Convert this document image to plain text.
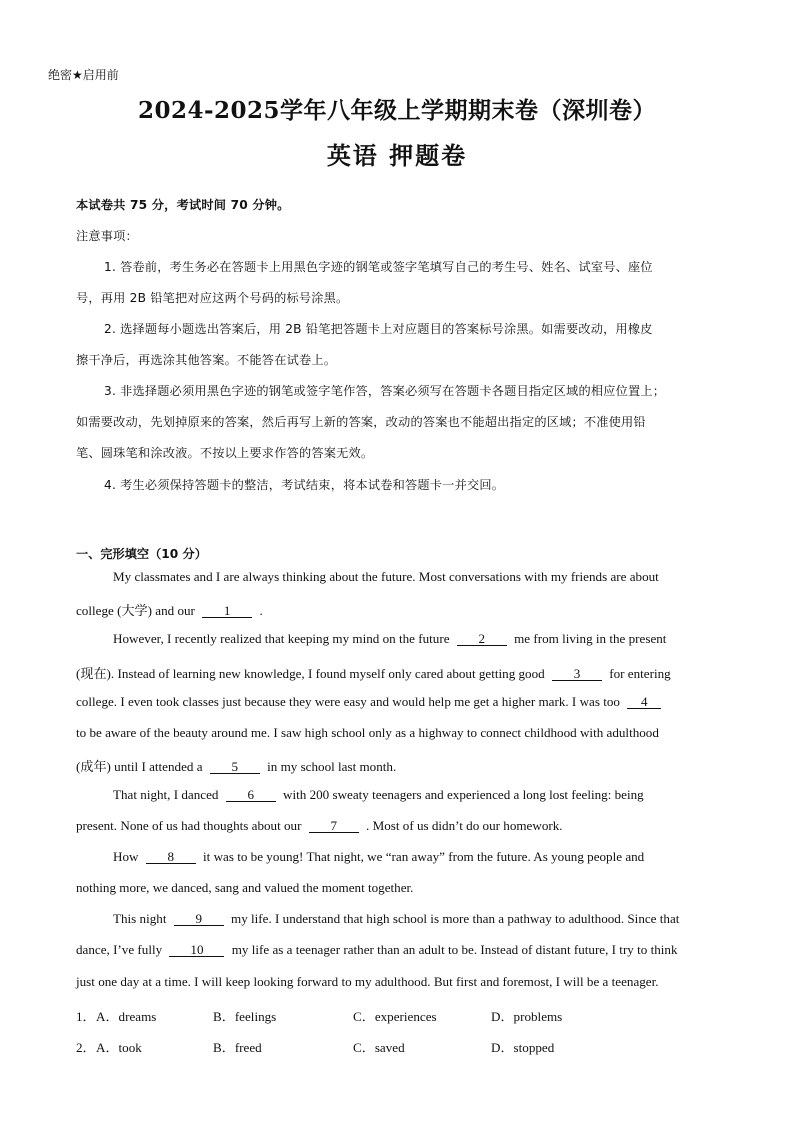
绝密★启用前
2024-2025学年八年级上学期期末卷（深圳卷）
英语 押题卷
本试卷共 75 分，考试时间 70 分钟。
注意事项：
1. 答卷前，考生务必在答题卡上用黑色字迹的钢笔或签字笔填写自己的考生号、姓名、试室号、座位
号，再用 2B 铅笔把对应这两个号码的标号涂黑。
2. 选择题每小题选出答案后，用 2B 铅笔把答题卡上对应题目的答案标号涂黑。如需要改动，用橡皮
擦干净后，再选涂其他答案。不能答在试卷上。
3. 非选择题必须用黑色字迹的钢笔或签字笔作答，答案必须写在答题卡各题目指定区域的相应位置上；
如需要改动，先划掉原来的答案，然后再写上新的答案，改动的答案也不能超出指定的区域；不准使用铅
笔、圆珠笔和涂改液。不按以上要求作答的答案无效。
4. 考生必须保持答题卡的整洁，考试结束，将本试卷和答题卡一并交回。
一、完形填空（10 分）
My classmates and I are always thinking about the future. Most conversations with my friends are about
college (大学) and our 1 .
However, I recently realized that keeping my mind on the future 2 me from living in the present
(现在). Instead of learning new knowledge, I found myself only cared about getting good 3 for entering
college. I even took classes just because they were easy and would help me get a higher mark. I was too 4
to be aware of the beauty around me. I saw high school only as a highway to connect childhood with adulthood
(成年) until I attended a 5 in my school last month.
That night, I danced 6 with 200 sweaty teenagers and experienced a long lost feeling: being
present. None of us had thoughts about our 7 . Most of us didn’t do our homework.
How 8 it was to be young! That night, we “ran away” from the future. As young people and
nothing more, we danced, sang and valued the moment together.
This night 9 my life. I understand that high school is more than a pathway to adulthood. Since that
dance, I’ve fully 10 my life as a teenager rather than an adult to be. Instead of distant future, I try to think
just one day at a time. I will keep looking forward to my adulthood. But first and foremost, I will be a teenager.
1． A．dreams	B．feelings	C．experiences	D．problems
2． A．took	B．freed	C．saved	D．stopped
